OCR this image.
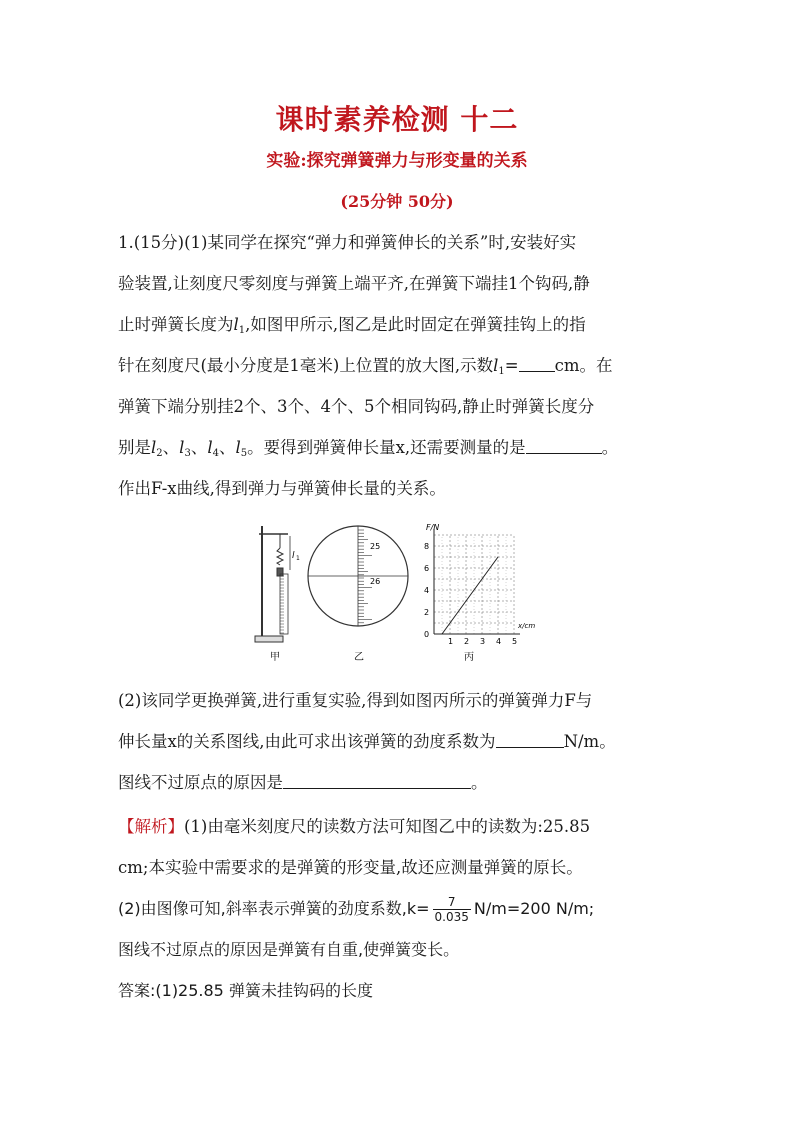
课时素养检测 十二
实验:探究弹簧弹力与形变量的关系
(25分钟 50分)
1.(15分)(1)某同学在探究“弹力和弹簧伸长的关系”时,安装好实
验装置,让刻度尺零刻度与弹簧上端平齐,在弹簧下端挂1个钩码,静
止时弹簧长度为$l_1$,如图甲所示,图乙是此时固定在弹簧挂钩上的指
针在刻度尺(最小分度是1毫米)上位置的放大图,示数$l_1=$ cm。在
弹簧下端分别挂2个、3个、4个、5个相同钩码,静止时弹簧长度分
别是$l_2$、$l_3$、$l_4$、$l_5$。要得到弹簧伸长量x,还需要测量的是	。
作出F-x曲线,得到弹力与弹簧伸长量的关系。
l 1
25
26
8
6
4
2
0
1 2 3 4 5
F/N
x/cm
甲	乙	丙
(2)该同学更换弹簧,进行重复实验,得到如图丙所示的弹簧弹力F与
伸长量x的关系图线,由此可求出该弹簧的劲度系数为	N/m。
图线不过原点的原因是	。
【解析】(1)由毫米刻度尺的读数方法可知图乙中的读数为:25.85
cm;本实验中需要求的是弹簧的形变量,故还应测量弹簧的原长。
(2)由图像可知,斜率表示弹簧的劲度系数$,k= \frac{7}{0.035} N/m=200$ N/m;
图线不过原点的原因是弹簧有自重,使弹簧变长。
答案:(1)25.85 弹簧未挂钩码的长度
